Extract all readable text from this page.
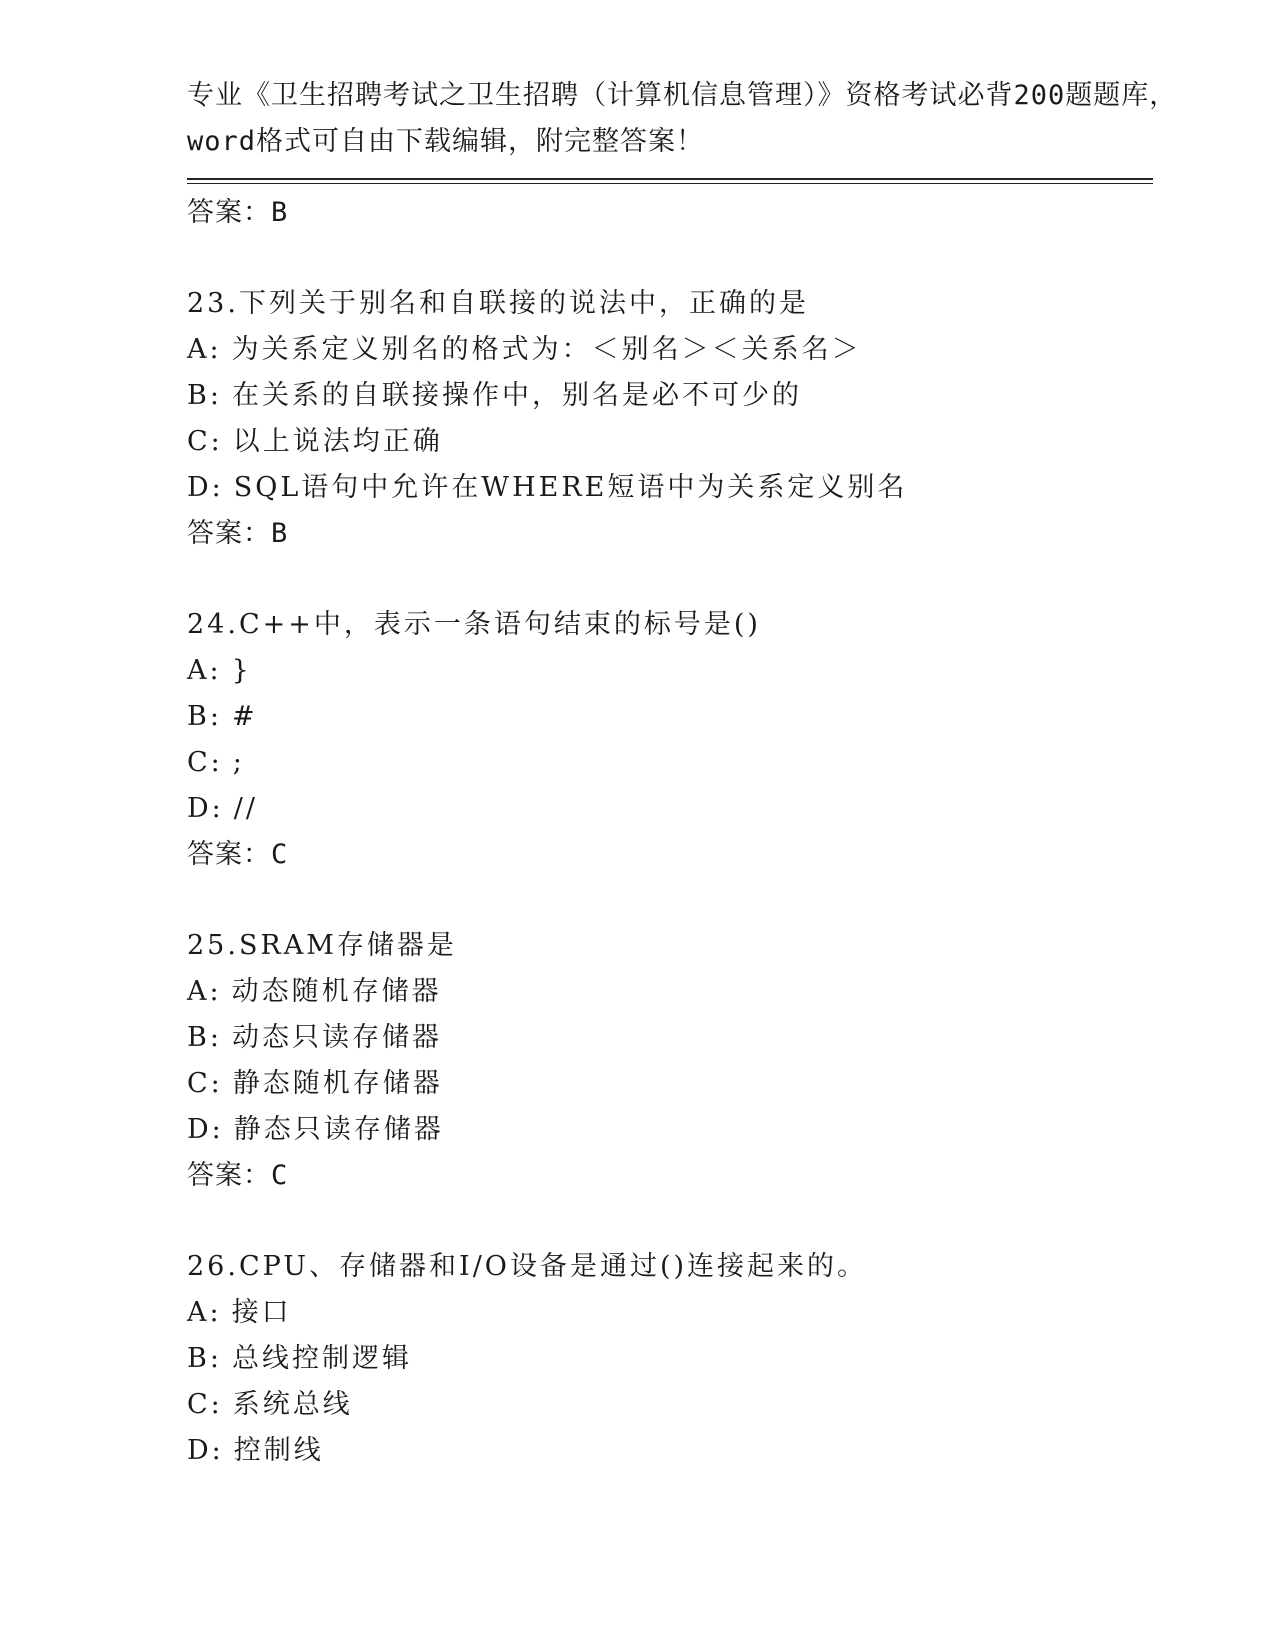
专业《卫生招聘考试之卫生招聘（计算机信息管理）》资格考试必背200题题库，
word格式可自由下载编辑，附完整答案！
答案：B
23.下列关于别名和自联接的说法中，正确的是
A: 为关系定义别名的格式为：＜别名＞＜关系名＞
B: 在关系的自联接操作中，别名是必不可少的
C: 以上说法均正确
D: SQL语句中允许在WHERE短语中为关系定义别名
答案：B
24.C++中，表示一条语句结束的标号是()
A: }
B: #
C: ;
D: //
答案：C
25.SRAM存储器是
A: 动态随机存储器
B: 动态只读存储器
C: 静态随机存储器
D: 静态只读存储器
答案：C
26.CPU、存储器和I/O设备是通过()连接起来的。
A: 接口
B: 总线控制逻辑
C: 系统总线
D: 控制线
